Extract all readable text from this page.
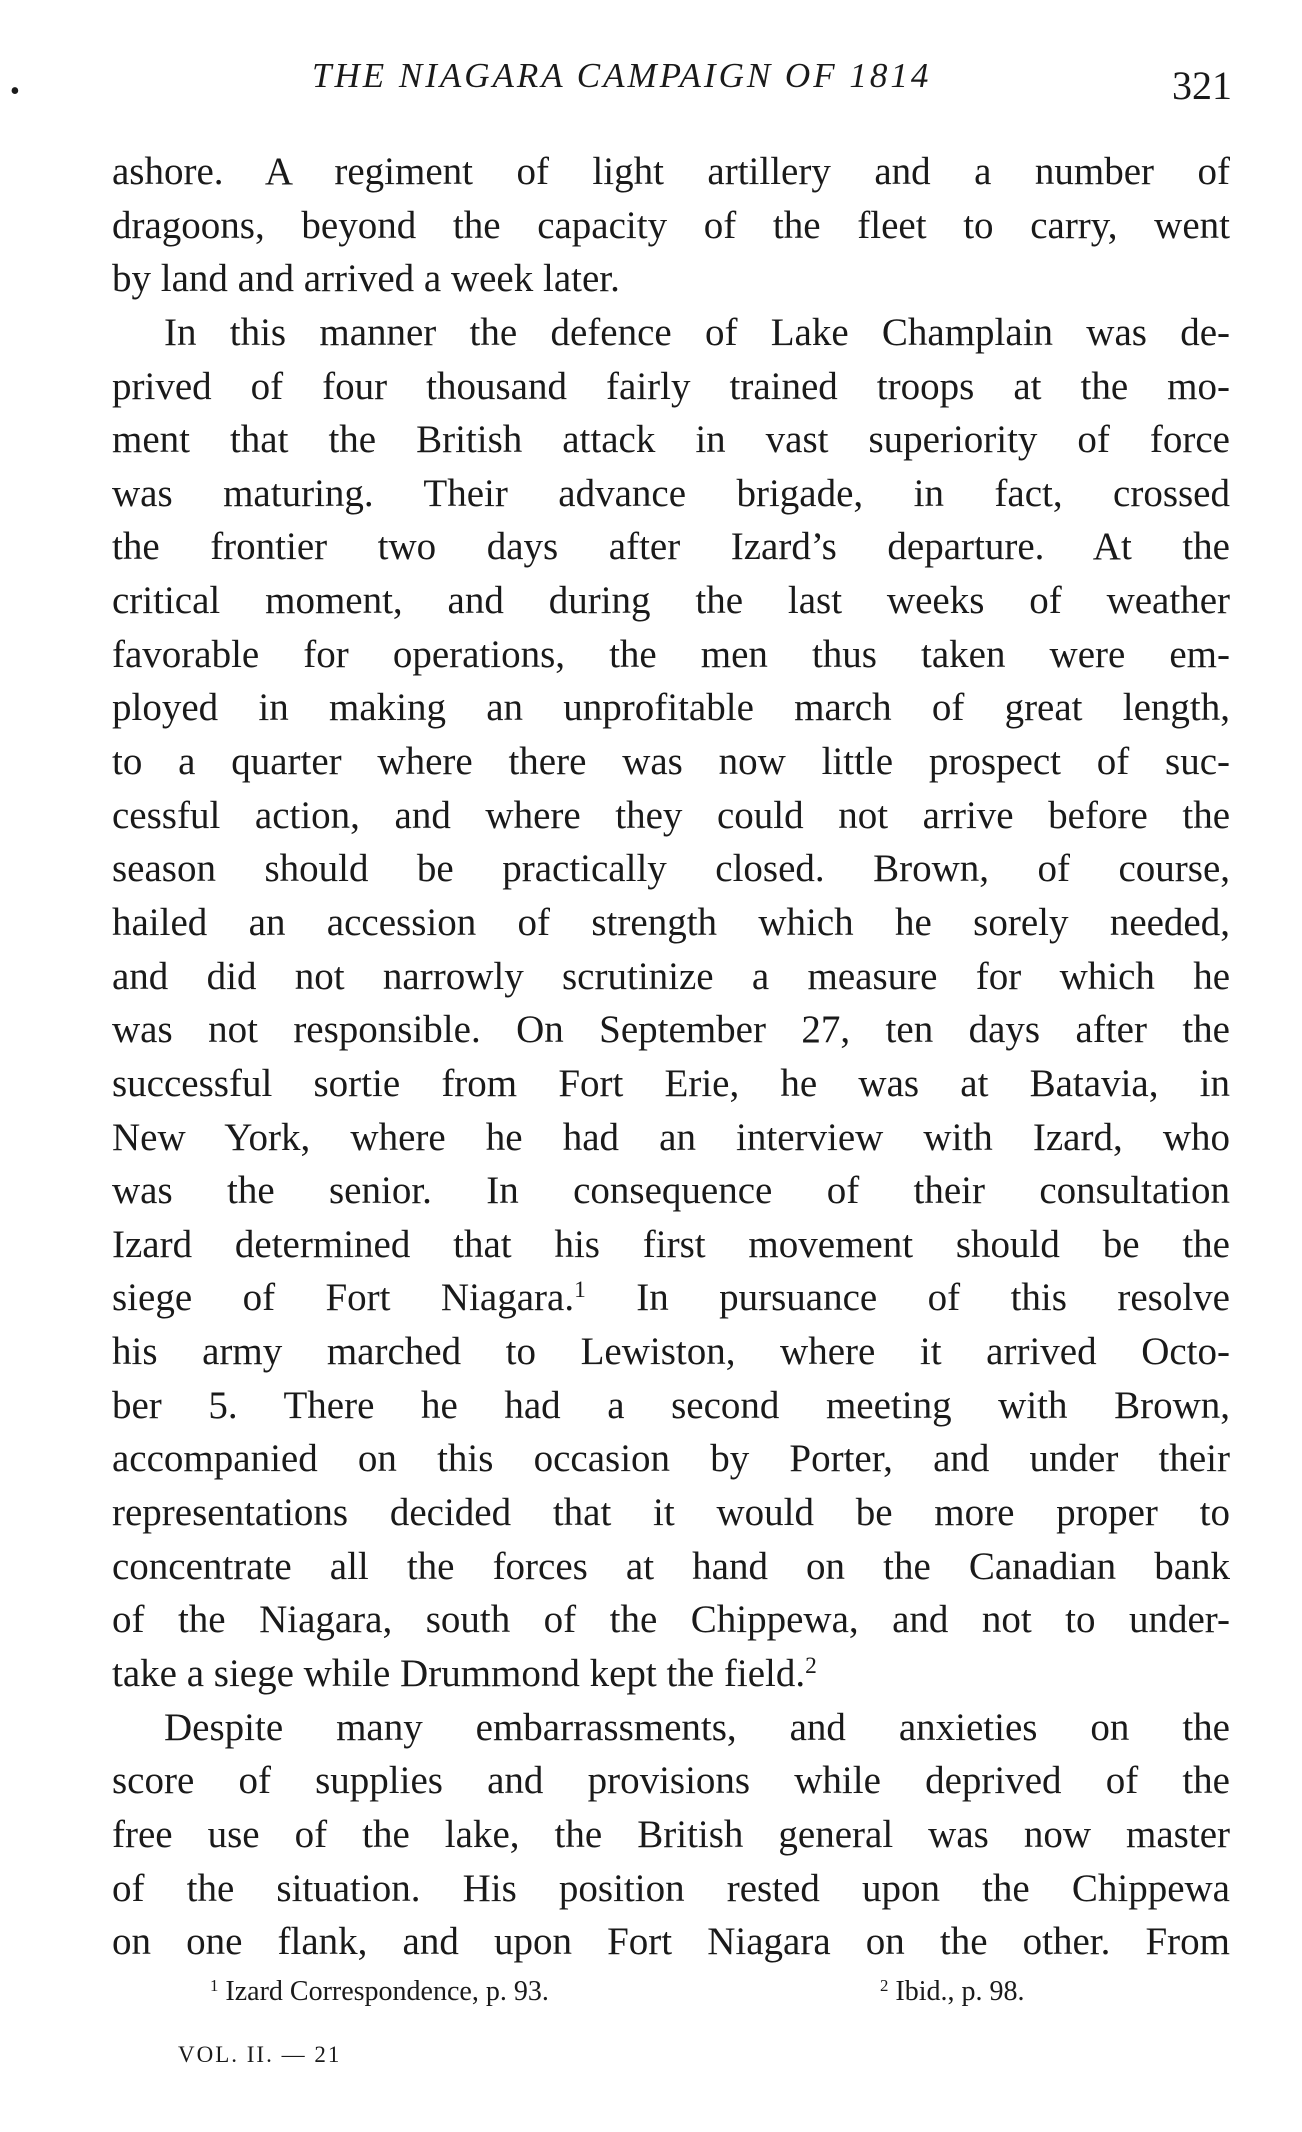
•	THE NIAGARA CAMPAIGN OF 1814	321
ashore. A regiment of light artillery and a number of
dragoons, beyond the capacity of the fleet to carry, went
by land and arrived a week later.
In this manner the defence of Lake Champlain was de-
prived of four thousand fairly trained troops at the mo-
ment that the British attack in vast superiority of force
was maturing. Their advance brigade, in fact, crossed
the frontier two days after Izard’s departure. At the
critical moment, and during the last weeks of weather
favorable for operations, the men thus taken were em-
ployed in making an unprofitable march of great length,
to a quarter where there was now little prospect of suc-
cessful action, and where they could not arrive before the
season should be practically closed. Brown, of course,
hailed an accession of strength which he sorely needed,
and did not narrowly scrutinize a measure for which he
was not responsible. On September 27, ten days after the
successful sortie from Fort Erie, he was at Batavia, in
New York, where he had an interview with Izard, who
was the senior. In consequence of their consultation
Izard determined that his first movement should be the
siege of Fort Niagara.$^1$ In pursuance of this resolve
his army marched to Lewiston, where it arrived Octo-
ber 5. There he had a second meeting with Brown,
accompanied on this occasion by Porter, and under their
representations decided that it would be more proper to
concentrate all the forces at hand on the Canadian bank
of the Niagara, south of the Chippewa, and not to under-
take a siege while Drummond kept the field.$^2$
Despite many embarrassments, and anxieties on the
score of supplies and provisions while deprived of the
free use of the lake, the British general was now master
of the situation. His position rested upon the Chippewa
on one flank, and upon Fort Niagara on the other. From
$^1$ Izard Correspondence, p. 93.	$^2$ Ibid., p. 98.
VOL. II. — 21
